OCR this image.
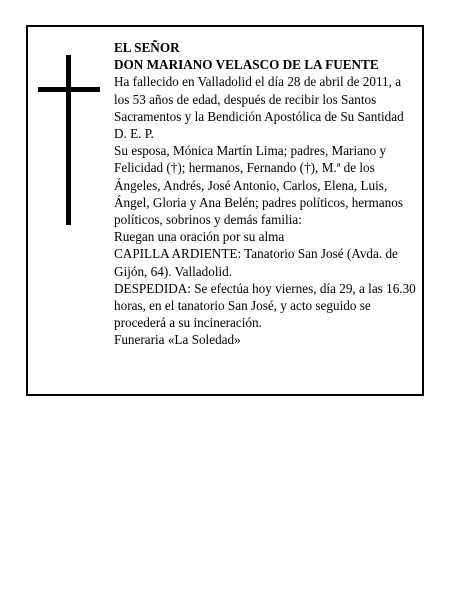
EL SEÑOR

DON MARIANO VELASCO DE LA FUENTE

Ha fallecido en Valladolid el día 28 de abril de 2011, a los 53 años de edad, después de recibir los Santos Sacramentos y la Bendición Apostólica de Su Santidad D. E. P.

Su esposa, Mónica Martín Lima; padres, Mariano y Felicidad (†); hermanos, Fernando (†), M.ª de los Ángeles, Andrés, José Antonio, Carlos, Elena, Luis, Ángel, Gloria y Ana Belén; padres políticos, hermanos políticos, sobrinos y demás familia:

Ruegan una oración por su alma

CAPILLA ARDIENTE: Tanatorio San José (Avda. de Gijón, 64). Valladolid.

DESPEDIDA: Se efectúa hoy viernes, día 29, a las 16.30 horas, en el tanatorio San José, y acto seguido se procederá a su incineración.

Funeraria «La Soledad»
